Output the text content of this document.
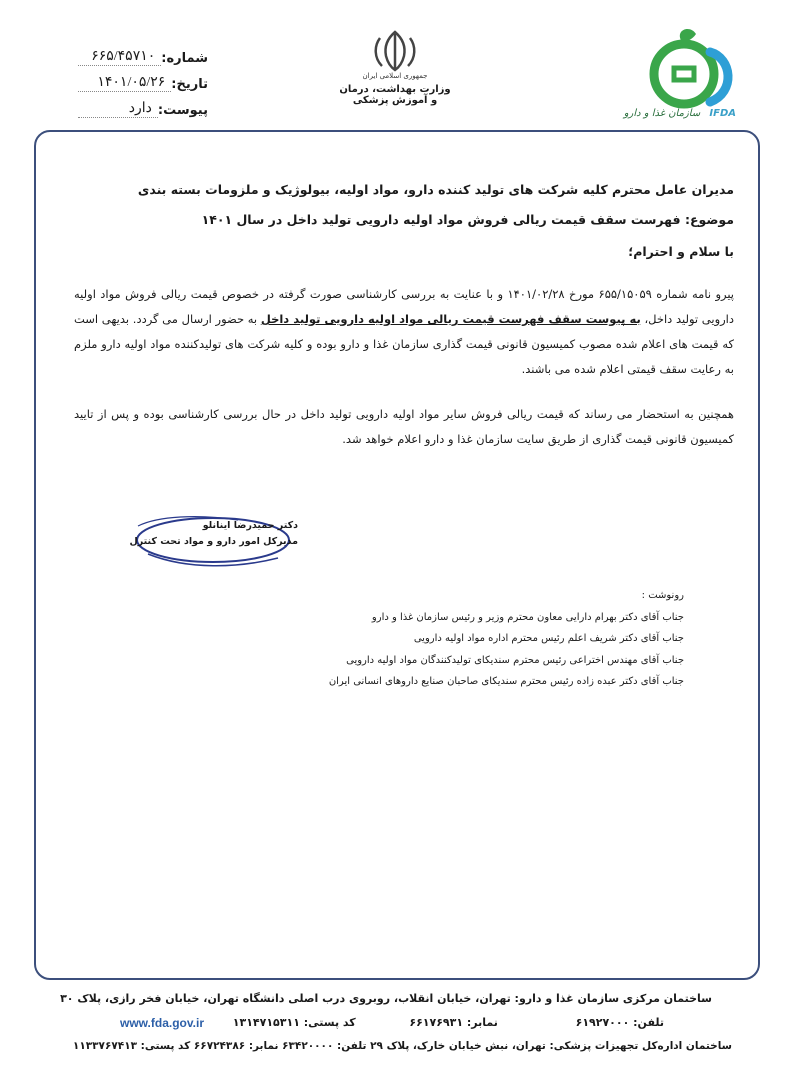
سازمان غذا و دارو IFDA
جمهوری اسلامی ایران
وزارت بهداشت، درمان
و آموزش پزشکی
شماره:
۶۶۵/۴۵۷۱۰
تاریخ:
۱۴۰۱/۰۵/۲۶
پیوست:
دارد
مدیران عامل محترم کلیه شرکت های تولید کننده دارو، مواد اولیه، بیولوژیک و ملزومات بسته بندی
موضوع: فهرست سقف قیمت ریالی فروش مواد اولیه دارویی تولید داخل در سال ۱۴۰۱
با سلام و احترام؛
پیرو نامه شماره ۶۵۵/۱۵۰۵۹ مورخ ۱۴۰۱/۰۲/۲۸ و با عنایت به بررسی کارشناسی صورت گرفته در خصوص قیمت ریالی فروش مواد اولیه دارویی تولید داخل، به پیوست سقف فهرست قیمت ریالی مواد اولیه دارویی تولید داخل به حضور ارسال می گردد. بدیهی است که قیمت های اعلام شده مصوب کمیسیون قانونی قیمت گذاری سازمان غذا و دارو بوده و کلیه شرکت های تولیدکننده مواد اولیه دارو ملزم به رعایت سقف قیمتی اعلام شده می باشند.
همچنین به استحضار می رساند که قیمت ریالی فروش سایر مواد اولیه دارویی تولید داخل در حال بررسی کارشناسی بوده و پس از تایید کمیسیون قانونی قیمت گذاری از طریق سایت سازمان غذا و دارو اعلام خواهد شد.
دکتر حمیدرضا اینانلو
مدیرکل امور دارو و مواد تحت کنترل
رونوشت :
جناب آقای دکتر بهرام دارایی معاون محترم وزیر و رئیس سازمان غذا و دارو
جناب آقای دکتر شریف اعلم رئیس محترم اداره مواد اولیه دارویی
جناب آقای مهندس اختراعی رئیس محترم سندیکای تولیدکنندگان مواد اولیه دارویی
جناب آقای دکتر عبده زاده رئیس محترم سندیکای صاحبان صنایع داروهای انسانی ایران
ساختمان مرکزی سازمان غذا و دارو: تهران، خیابان انقلاب، روبروی درب اصلی دانشگاه تهران، خیابان فخر رازی، پلاک ۳۰
تلفن: ۶۱۹۲۷۰۰۰  نمابر: ۶۶۱۷۶۹۳۱  کد پستی: ۱۳۱۴۷۱۵۳۱۱
www.fda.gov.ir
ساختمان اداره‌کل تجهیزات پزشکی: تهران، نبش خیابان خارک، پلاک ۲۹ تلفن: ۶۳۴۲۰۰۰۰ نمابر: ۶۶۷۲۴۳۸۶ کد پستی: ۱۱۳۳۷۶۷۴۱۳
